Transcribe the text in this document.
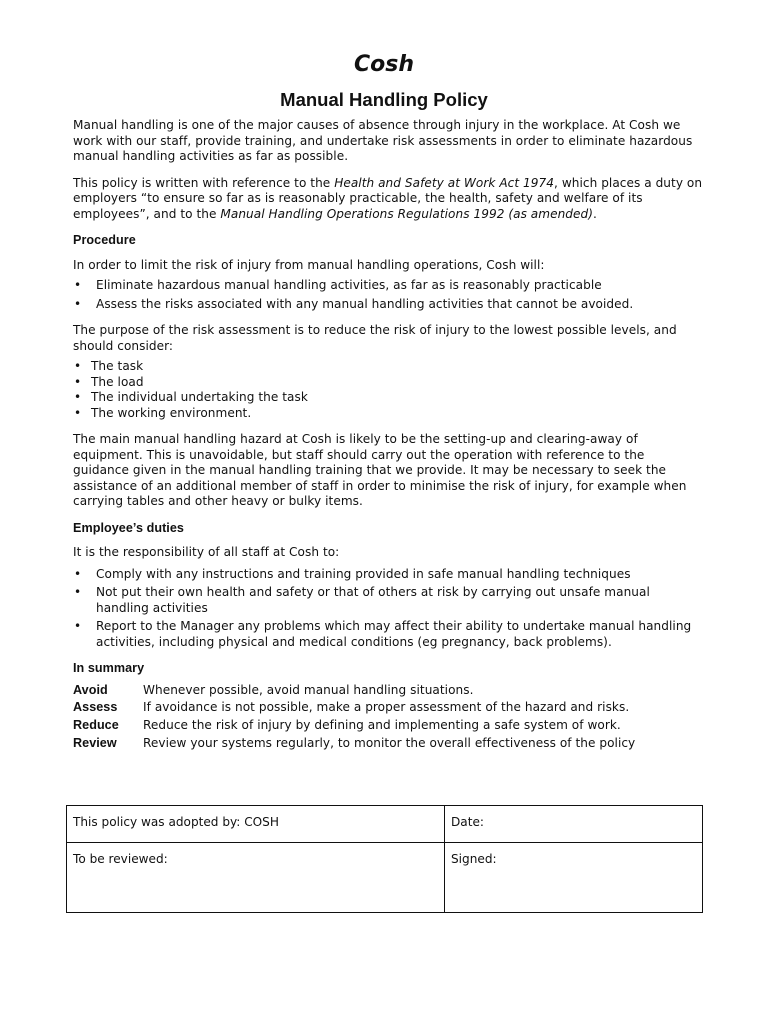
Cosh
Manual Handling Policy

Manual handling is one of the major causes of absence through injury in the workplace. At Cosh we work with our staff, provide training, and undertake risk assessments in order to eliminate hazardous manual handling activities as far as possible.

This policy is written with reference to the Health and Safety at Work Act 1974, which places a duty on employers “to ensure so far as is reasonably practicable, the health, safety and welfare of its employees”, and to the Manual Handling Operations Regulations 1992 (as amended).

Procedure

In order to limit the risk of injury from manual handling operations, Cosh will:

• Eliminate hazardous manual handling activities, as far as is reasonably practicable
• Assess the risks associated with any manual handling activities that cannot be avoided.

The purpose of the risk assessment is to reduce the risk of injury to the lowest possible levels, and should consider:

• The task
• The load
• The individual undertaking the task
• The working environment.

The main manual handling hazard at Cosh is likely to be the setting-up and clearing-away of equipment. This is unavoidable, but staff should carry out the operation with reference to the guidance given in the manual handling training that we provide. It may be necessary to seek the assistance of an additional member of staff in order to minimise the risk of injury, for example when carrying tables and other heavy or bulky items.

Employee’s duties

It is the responsibility of all staff at Cosh to:

• Comply with any instructions and training provided in safe manual handling techniques
• Not put their own health and safety or that of others at risk by carrying out unsafe manual handling activities
• Report to the Manager any problems which may affect their ability to undertake manual handling activities, including physical and medical conditions (eg pregnancy, back problems).

In summary

Avoid	Whenever possible, avoid manual handling situations.
Assess	If avoidance is not possible, make a proper assessment of the hazard and risks.
Reduce	Reduce the risk of injury by defining and implementing a safe system of work.
Review	Review your systems regularly, to monitor the overall effectiveness of the policy
This policy was adopted by: COSH	Date:
To be reviewed:	Signed:
